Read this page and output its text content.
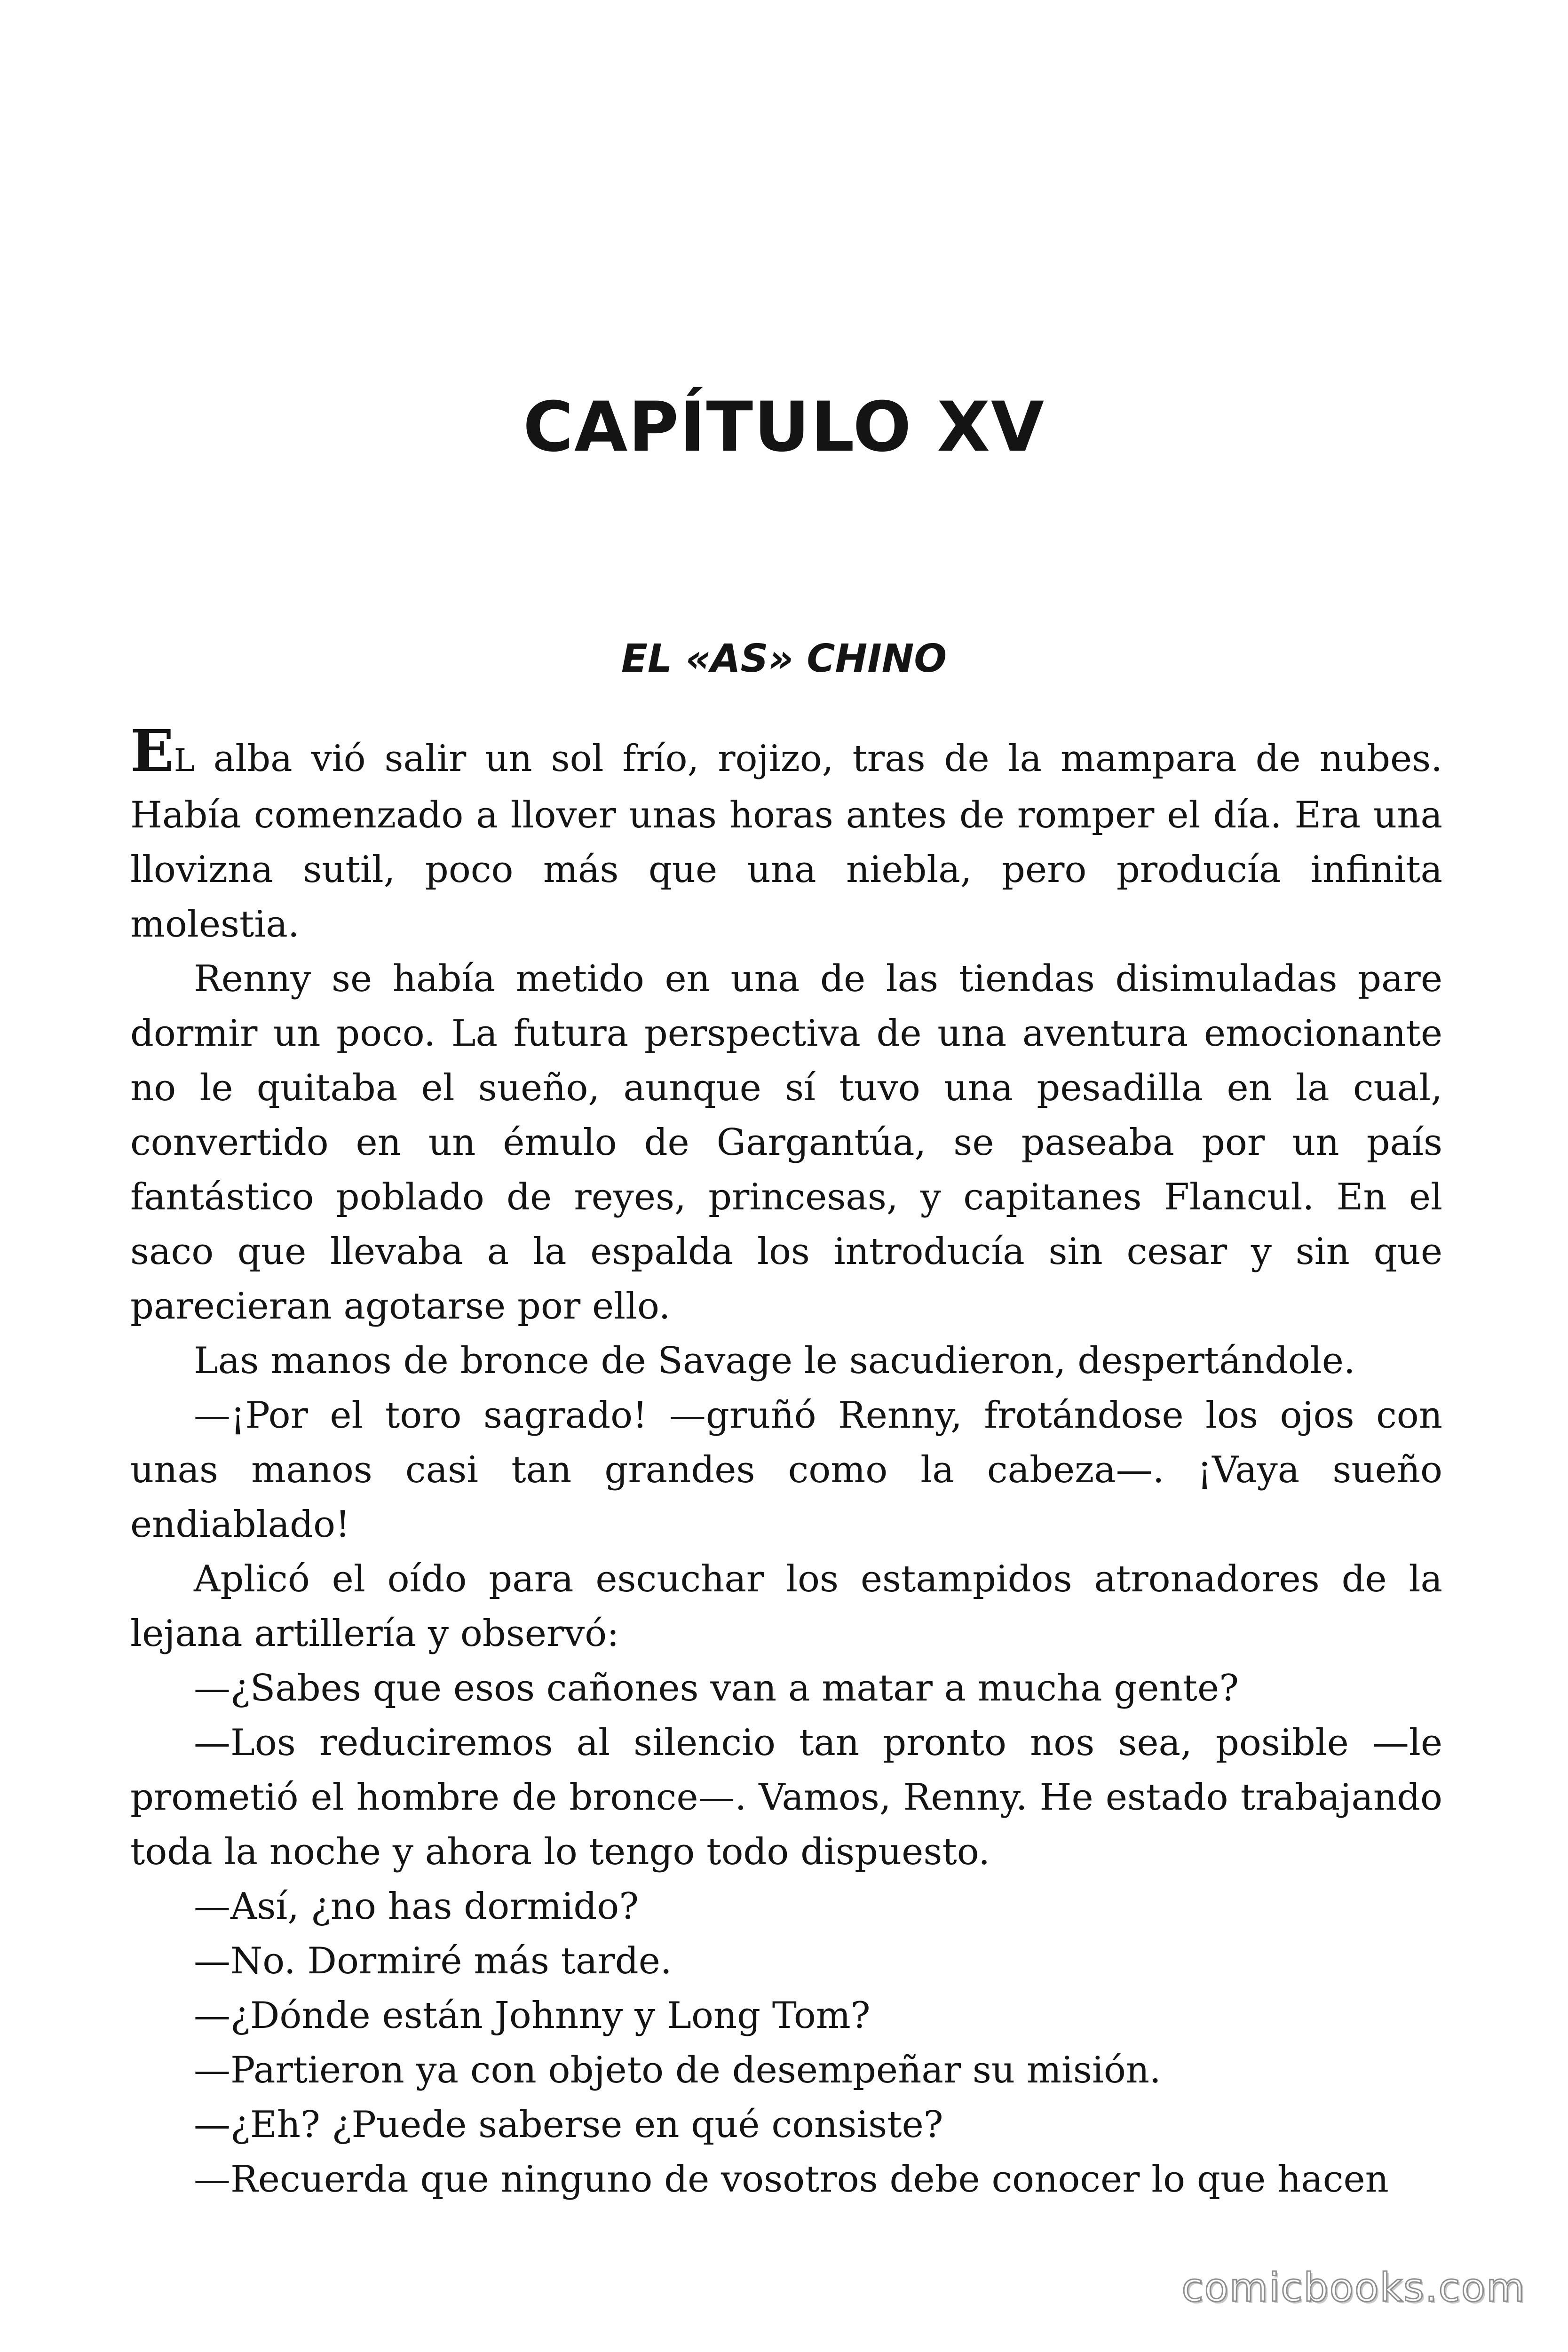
CAPÍTULO XV
EL «AS» CHINO

EL alba vió salir un sol frío, rojizo, tras de la mampara de nubes. Había comenzado a llover unas horas antes de romper el día. Era una llovizna sutil, poco más que una niebla, pero producía infinita molestia.

Renny se había metido en una de las tiendas disimuladas pare dormir un poco. La futura perspectiva de una aventura emocionante no le quitaba el sueño, aunque sí tuvo una pesadilla en la cual, convertido en un émulo de Gargantúa, se paseaba por un país fantástico poblado de reyes, princesas, y capitanes Flancul. En el saco que llevaba a la espalda los introducía sin cesar y sin que parecieran agotarse por ello.

Las manos de bronce de Savage le sacudieron, despertándole.

—¡Por el toro sagrado! —gruñó Renny, frotándose los ojos con unas manos casi tan grandes como la cabeza—. ¡Vaya sueño endiablado!

Aplicó el oído para escuchar los estampidos atronadores de la lejana artillería y observó:

—¿Sabes que esos cañones van a matar a mucha gente?

—Los reduciremos al silencio tan pronto nos sea, posible —le prometió el hombre de bronce—. Vamos, Renny. He estado trabajando toda la noche y ahora lo tengo todo dispuesto.

—Así, ¿no has dormido?

—No. Dormiré más tarde.

—¿Dónde están Johnny y Long Tom?

—Partieron ya con objeto de desempeñar su misión.

—¿Eh? ¿Puede saberse en qué consiste?

—Recuerda que ninguno de vosotros debe conocer lo que hacen

comicbooks.com
